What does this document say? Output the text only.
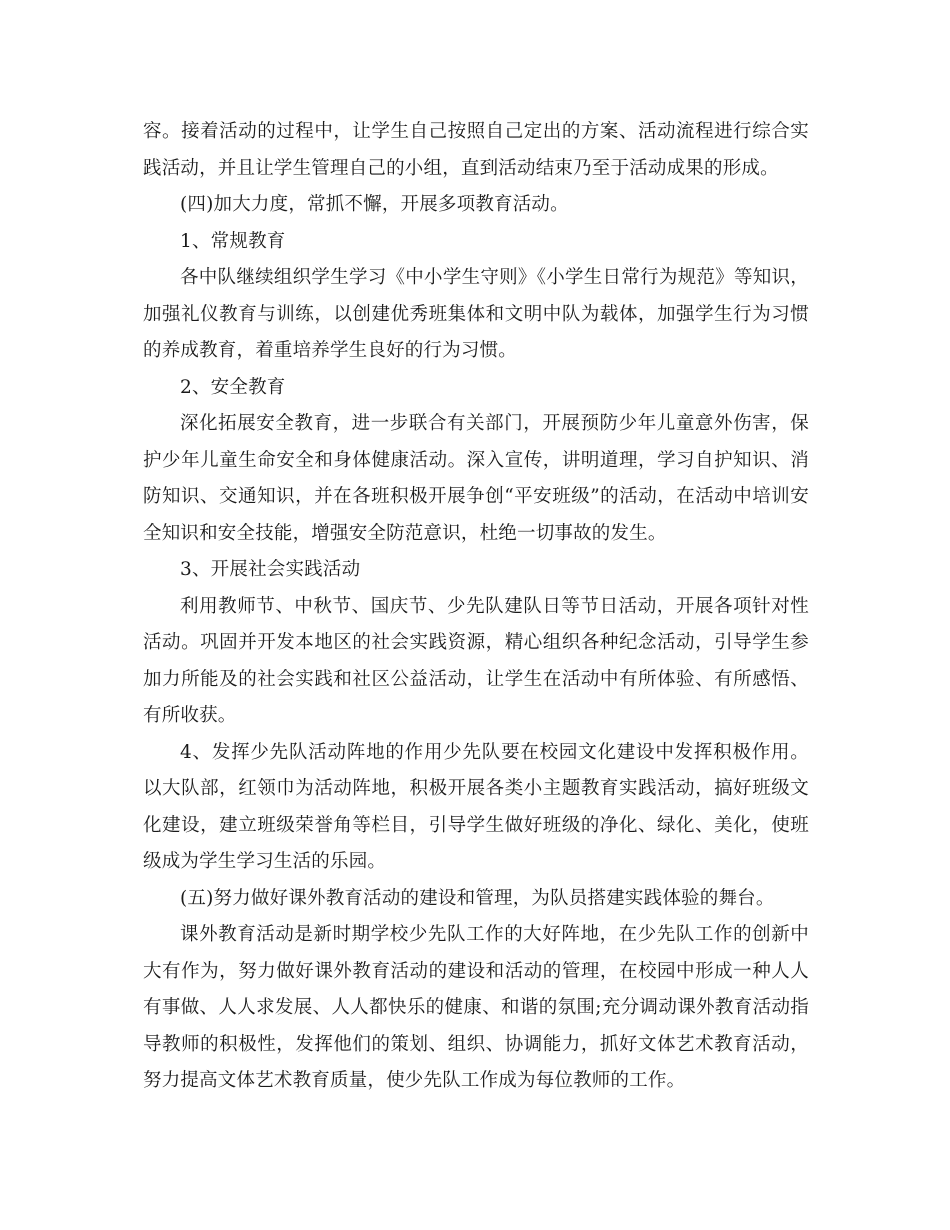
容。接着活动的过程中，让学生自己按照自己定出的方案、活动流程进行综合实践活动，并且让学生管理自己的小组，直到活动结束乃至于活动成果的形成。

(四)加大力度，常抓不懈，开展多项教育活动。

1、常规教育

各中队继续组织学生学习《中小学生守则》《小学生日常行为规范》等知识，加强礼仪教育与训练，以创建优秀班集体和文明中队为载体，加强学生行为习惯的养成教育，着重培养学生良好的行为习惯。

2、安全教育

深化拓展安全教育，进一步联合有关部门，开展预防少年儿童意外伤害，保护少年儿童生命安全和身体健康活动。深入宣传，讲明道理，学习自护知识、消防知识、交通知识，并在各班积极开展争创“平安班级”的活动，在活动中培训安全知识和安全技能，增强安全防范意识，杜绝一切事故的发生。

3、开展社会实践活动

利用教师节、中秋节、国庆节、少先队建队日等节日活动，开展各项针对性活动。巩固并开发本地区的社会实践资源，精心组织各种纪念活动，引导学生参加力所能及的社会实践和社区公益活动，让学生在活动中有所体验、有所感悟、有所收获。

4、发挥少先队活动阵地的作用少先队要在校园文化建设中发挥积极作用。以大队部，红领巾为活动阵地，积极开展各类小主题教育实践活动，搞好班级文化建设，建立班级荣誉角等栏目，引导学生做好班级的净化、绿化、美化，使班级成为学生学习生活的乐园。

(五)努力做好课外教育活动的建设和管理，为队员搭建实践体验的舞台。

课外教育活动是新时期学校少先队工作的大好阵地，在少先队工作的创新中大有作为，努力做好课外教育活动的建设和活动的管理，在校园中形成一种人人有事做、人人求发展、人人都快乐的健康、和谐的氛围;充分调动课外教育活动指导教师的积极性，发挥他们的策划、组织、协调能力，抓好文体艺术教育活动，努力提高文体艺术教育质量，使少先队工作成为每位教师的工作。
